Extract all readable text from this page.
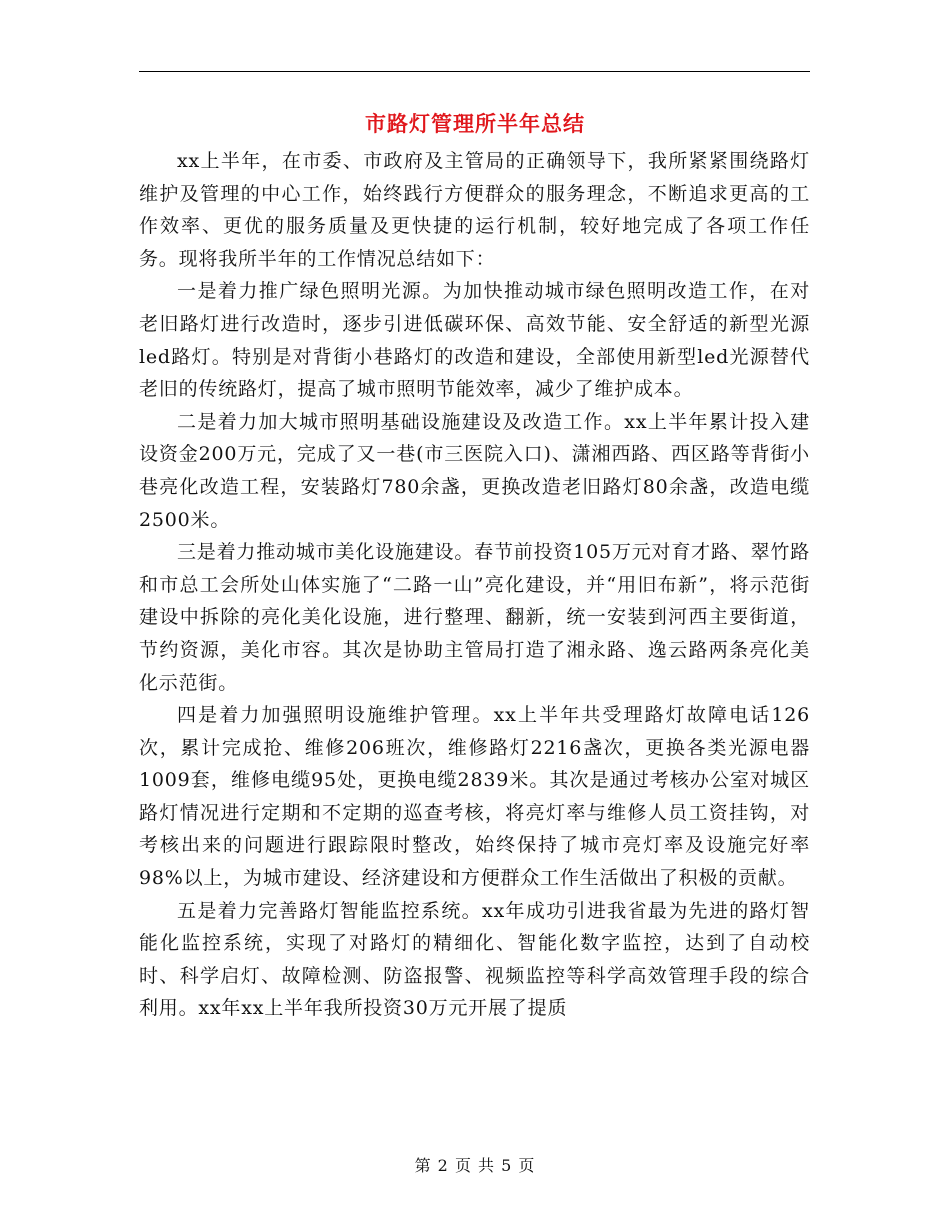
市路灯管理所半年总结

xx上半年，在市委、市政府及主管局的正确领导下，我所紧紧围绕路灯维护及管理的中心工作，始终践行方便群众的服务理念，不断追求更高的工作效率、更优的服务质量及更快捷的运行机制，较好地完成了各项工作任务。现将我所半年的工作情况总结如下：

一是着力推广绿色照明光源。为加快推动城市绿色照明改造工作，在对老旧路灯进行改造时，逐步引进低碳环保、高效节能、安全舒适的新型光源led路灯。特别是对背街小巷路灯的改造和建设，全部使用新型led光源替代老旧的传统路灯，提高了城市照明节能效率，减少了维护成本。

二是着力加大城市照明基础设施建设及改造工作。xx上半年累计投入建设资金200万元，完成了又一巷(市三医院入口)、潇湘西路、西区路等背街小巷亮化改造工程，安装路灯780余盏，更换改造老旧路灯80余盏，改造电缆2500米。

三是着力推动城市美化设施建设。春节前投资105万元对育才路、翠竹路和市总工会所处山体实施了“二路一山”亮化建设，并“用旧布新”，将示范街建设中拆除的亮化美化设施，进行整理、翻新，统一安装到河西主要街道，节约资源，美化市容。其次是协助主管局打造了湘永路、逸云路两条亮化美化示范街。

四是着力加强照明设施维护管理。xx上半年共受理路灯故障电话126次，累计完成抢、维修206班次，维修路灯2216盏次，更换各类光源电器1009套，维修电缆95处，更换电缆2839米。其次是通过考核办公室对城区路灯情况进行定期和不定期的巡查考核，将亮灯率与维修人员工资挂钩，对考核出来的问题进行跟踪限时整改，始终保持了城市亮灯率及设施完好率98%以上，为城市建设、经济建设和方便群众工作生活做出了积极的贡献。

五是着力完善路灯智能监控系统。xx年成功引进我省最为先进的路灯智能化监控系统，实现了对路灯的精细化、智能化数字监控，达到了自动校时、科学启灯、故障检测、防盗报警、视频监控等科学高效管理手段的综合利用。xx年xx上半年我所投资30万元开展了提质

第 2 页 共 5 页
